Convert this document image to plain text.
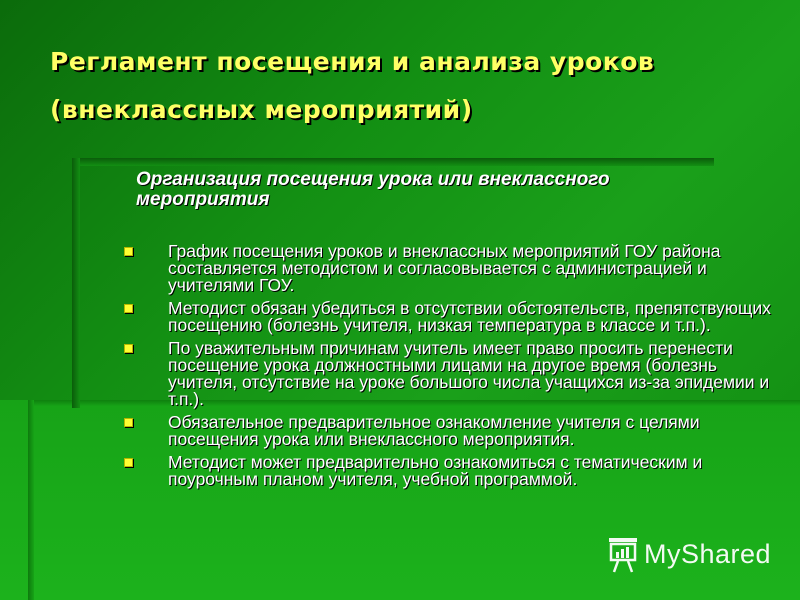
Регламент посещения и анализа уроков
(внеклассных мероприятий)
Организация посещения урока или внеклассного
мероприятия
График посещения уроков и внеклассных мероприятий ГОУ района составляется методистом и согласовывается с администрацией и учителями ГОУ.
Методист обязан убедиться в отсутствии обстоятельств, препятствующих посещению (болезнь учителя, низкая температура в классе и т.п.).
По уважительным причинам учитель имеет право просить перенести посещение урока должностными лицами на другое время (болезнь учителя, отсутствие на уроке большого числа учащихся из-за эпидемии и т.п.).
Обязательное предварительное ознакомление учителя с целями посещения урока или внеклассного мероприятия.
Методист может предварительно ознакомиться с тематическим и поурочным планом учителя, учебной программой.
MyShared
